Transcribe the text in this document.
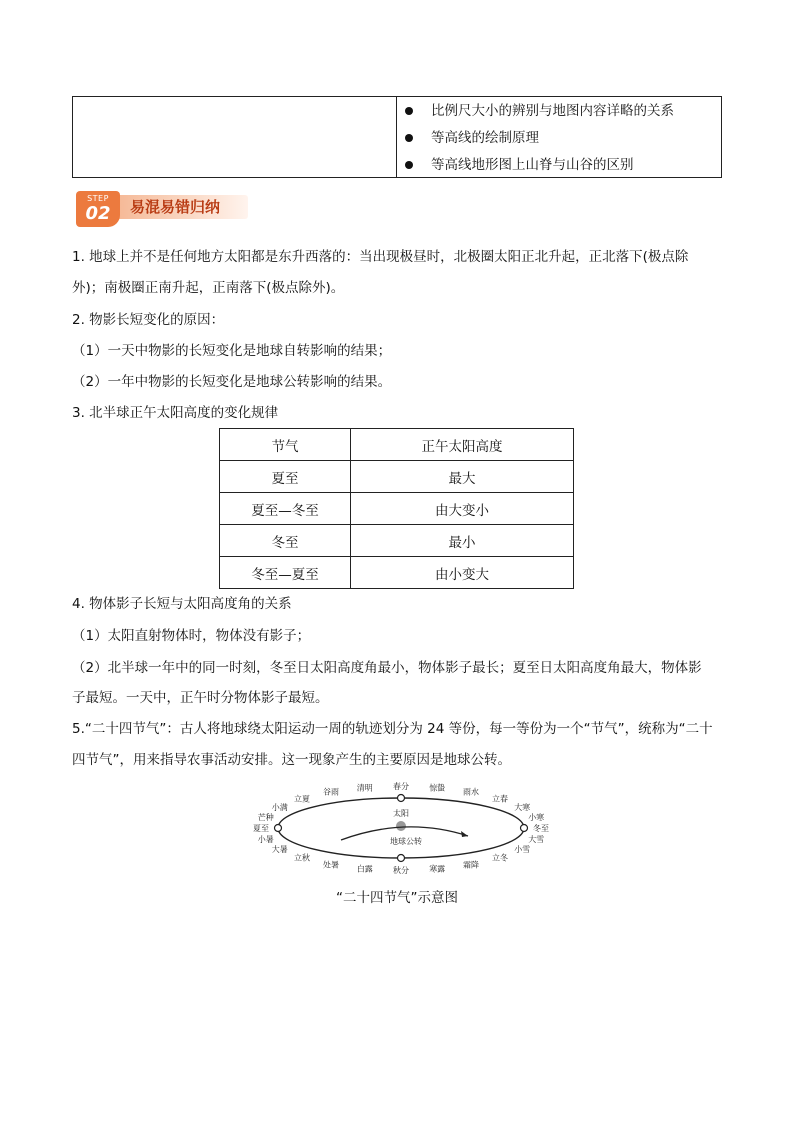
比例尺大小的辨别与地图内容详略的关系
等高线的绘制原理
等高线地形图上山脊与山谷的区别
STEP
02	易混易错归纳
1. 地球上并不是任何地方太阳都是东升西落的：当出现极昼时，北极圈太阳正北升起，正北落下(极点除
外)；南极圈正南升起，正南落下(极点除外)。
2. 物影长短变化的原因：
（1）一天中物影的长短变化是地球自转影响的结果；
（2）一年中物影的长短变化是地球公转影响的结果。
3. 北半球正午太阳高度的变化规律
节气	正午太阳高度
夏至	最大
夏至—冬至	由大变小
冬至	最小
冬至—夏至	由小变大
4. 物体影子长短与太阳高度角的关系
（1）太阳直射物体时，物体没有影子；
（2）北半球一年中的同一时刻，冬至日太阳高度角最小，物体影子最长；夏至日太阳高度角最大，物体影
子最短。一天中，正午时分物体影子最短。
5.“二十四节气”：古人将地球绕太阳运动一周的轨迹划分为 24 等份，每一等份为一个“节气”，统称为“二十
四节气”，用来指导农事活动安排。这一现象产生的主要原因是地球公转。
太阳
地球公转
春分
清明
谷雨
立夏
小满
芒种
夏至
小暑
大暑
立秋
处暑 白露	秋分	寒露 霜降
立冬
小雪
大雪
冬至
小寒
大寒
立春
雨水
惊蛰
“二十四节气”示意图
